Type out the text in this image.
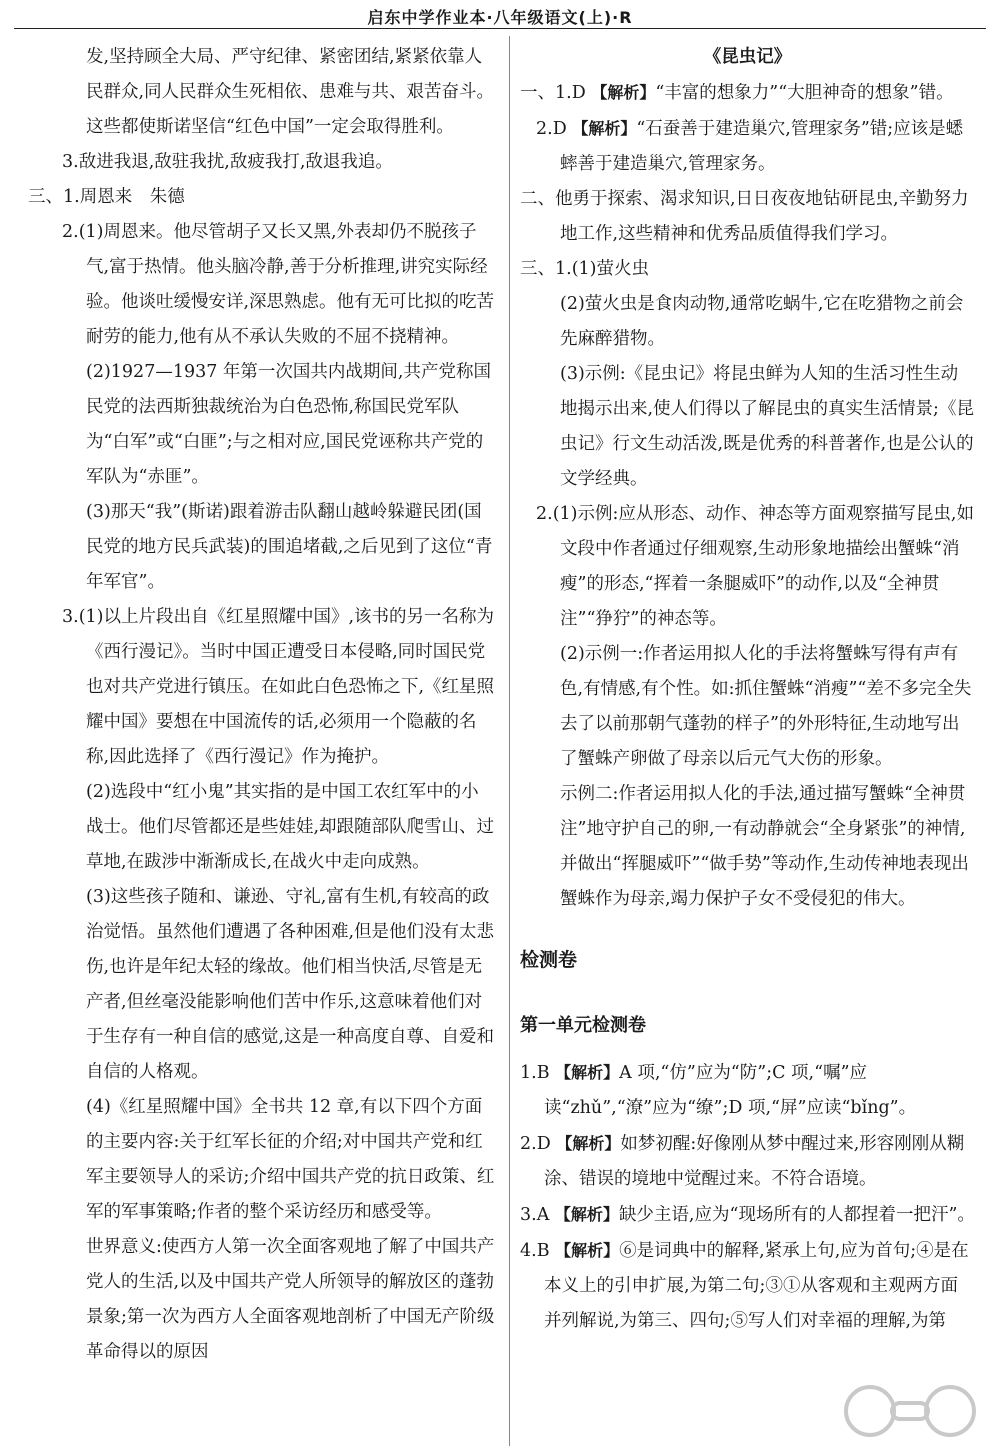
启东中学作业本·八年级语文(上)·R

发,坚持顾全大局、严守纪律、紧密团结,紧紧依靠人民群众,同人民群众生死相依、患难与共、艰苦奋斗。这些都使斯诺坚信“红色中国”一定会取得胜利。

3.敌进我退,敌驻我扰,敌疲我打,敌退我追。

三、1.周恩来　朱德

2.(1)周恩来。他尽管胡子又长又黑,外表却仍不脱孩子气,富于热情。他头脑冷静,善于分析推理,讲究实际经验。他谈吐缓慢安详,深思熟虑。他有无可比拟的吃苦耐劳的能力,他有从不承认失败的不屈不挠精神。

(2)1927—1937 年第一次国共内战期间,共产党称国民党的法西斯独裁统治为白色恐怖,称国民党军队为“白军”或“白匪”;与之相对应,国民党诬称共产党的军队为“赤匪”。

(3)那天“我”(斯诺)跟着游击队翻山越岭躲避民团(国民党的地方民兵武装)的围追堵截,之后见到了这位“青年军官”。

3.(1)以上片段出自《红星照耀中国》,该书的另一名称为《西行漫记》。当时中国正遭受日本侵略,同时国民党也对共产党进行镇压。在如此白色恐怖之下,《红星照耀中国》要想在中国流传的话,必须用一个隐蔽的名称,因此选择了《西行漫记》作为掩护。

(2)选段中“红小鬼”其实指的是中国工农红军中的小战士。他们尽管都还是些娃娃,却跟随部队爬雪山、过草地,在跋涉中渐渐成长,在战火中走向成熟。

(3)这些孩子随和、谦逊、守礼,富有生机,有较高的政治觉悟。虽然他们遭遇了各种困难,但是他们没有太悲伤,也许是年纪太轻的缘故。他们相当快活,尽管是无产者,但丝毫没能影响他们苦中作乐,这意味着他们对于生存有一种自信的感觉,这是一种高度自尊、自爱和自信的人格观。

(4)《红星照耀中国》全书共 12 章,有以下四个方面的主要内容:关于红军长征的介绍;对中国共产党和红军主要领导人的采访;介绍中国共产党的抗日政策、红军的军事策略;作者的整个采访经历和感受等。

世界意义:使西方人第一次全面客观地了解了中国共产党人的生活,以及中国共产党人所领导的解放区的蓬勃景象;第一次为西方人全面客观地剖析了中国无产阶级革命得以的原因

《昆虫记》

一、1.D 【解析】“丰富的想象力”“大胆神奇的想象”错。

2.D 【解析】“石蚕善于建造巢穴,管理家务”错;应该是蟋蟀善于建造巢穴,管理家务。

二、他勇于探索、渴求知识,日日夜夜地钻研昆虫,辛勤努力地工作,这些精神和优秀品质值得我们学习。

三、1.(1)萤火虫

(2)萤火虫是食肉动物,通常吃蜗牛,它在吃猎物之前会先麻醉猎物。

(3)示例:《昆虫记》将昆虫鲜为人知的生活习性生动地揭示出来,使人们得以了解昆虫的真实生活情景;《昆虫记》行文生动活泼,既是优秀的科普著作,也是公认的文学经典。

2.(1)示例:应从形态、动作、神态等方面观察描写昆虫,如文段中作者通过仔细观察,生动形象地描绘出蟹蛛“消瘦”的形态,“挥着一条腿威吓”的动作,以及“全神贯注”“狰狞”的神态等。

(2)示例一:作者运用拟人化的手法将蟹蛛写得有声有色,有情感,有个性。如:抓住蟹蛛“消瘦”“差不多完全失去了以前那朝气蓬勃的样子”的外形特征,生动地写出了蟹蛛产卵做了母亲以后元气大伤的形象。

示例二:作者运用拟人化的手法,通过描写蟹蛛“全神贯注”地守护自己的卵,一有动静就会“全身紧张”的神情,并做出“挥腿威吓”“做手势”等动作,生动传神地表现出蟹蛛作为母亲,竭力保护子女不受侵犯的伟大。

检测卷

第一单元检测卷

1.B 【解析】A 项,“仿”应为“防”;C 项,“嘱”应读“zhǔ”,“潦”应为“缭”;D 项,“屏”应读“bǐng”。

2.D 【解析】如梦初醒:好像刚从梦中醒过来,形容刚刚从糊涂、错误的境地中觉醒过来。不符合语境。

3.A 【解析】缺少主语,应为“现场所有的人都捏着一把汗”。

4.B 【解析】⑥是词典中的解释,紧承上句,应为首句;④是在本义上的引申扩展,为第二句;③①从客观和主观两方面并列解说,为第三、四句;⑤写人们对幸福的理解,为第
